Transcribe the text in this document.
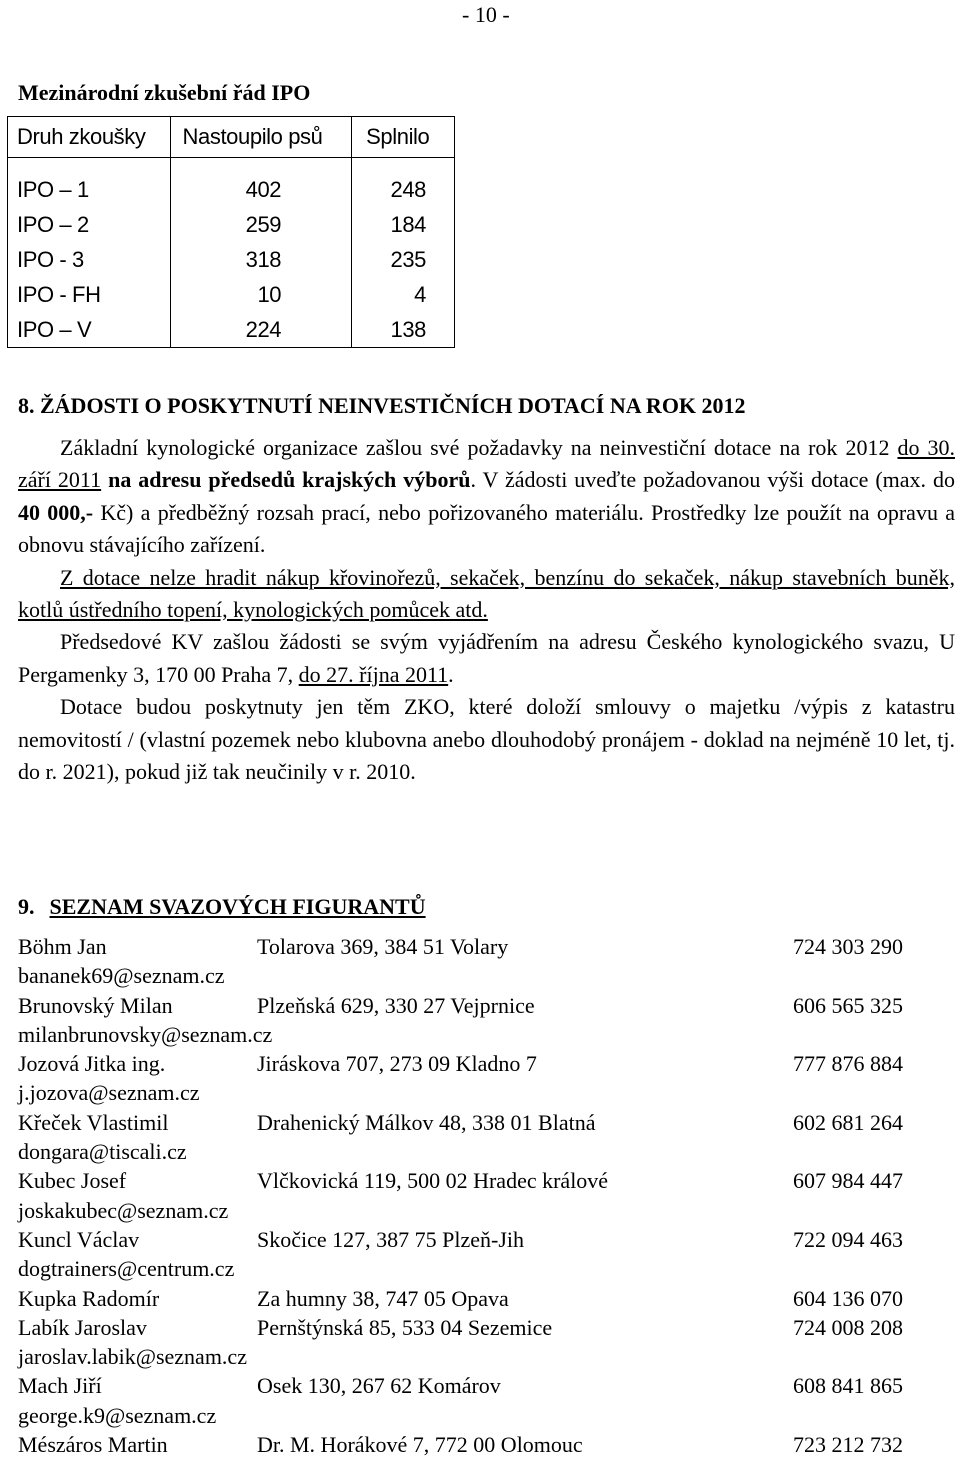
- 10 -
Mezinárodní zkušební řád IPO
Druh zkoušky	Nastoupilo psů	Splnilo
IPO – 1	402	248
IPO – 2	259	184
IPO - 3	318	235
IPO - FH	10	4
IPO – V	224	138
8. ŽÁDOSTI O POSKYTNUTÍ NEINVESTIČNÍCH DOTACÍ NA ROK 2012

Základní kynologické organizace zašlou své požadavky na neinvestiční dotace na rok 2012 do 30. září 2011 na adresu předsedů krajských výborů. V žádosti uveďte požadovanou výši dotace (max. do 40 000,- Kč) a předběžný rozsah prací, nebo pořizovaného materiálu. Prostředky lze použít na opravu a obnovu stávajícího zařízení.

Z dotace nelze hradit nákup křovinořezů, sekaček, benzínu do sekaček, nákup stavebních buněk, kotlů ústředního topení, kynologických pomůcek atd.

Předsedové KV zašlou žádosti se svým vyjádřením na adresu Českého kynologického svazu, U Pergamenky 3, 170 00 Praha 7, do 27. října 2011.

Dotace budou poskytnuty jen těm ZKO, které doloží smlouvy o majetku /výpis z katastru nemovitostí / (vlastní pozemek nebo klubovna anebo dlouhodobý pronájem - doklad na nejméně 10 let, tj. do r. 2021), pokud již tak neučinily v r. 2010.

9. SEZNAM SVAZOVÝCH FIGURANTŮ
Böhm Jan	Tolarova 369, 384 51 Volary	724 303 290
bananek69@seznam.cz
Brunovský Milan	Plzeňská 629, 330 27 Vejprnice	606 565 325
milanbrunovsky@seznam.cz
Jozová Jitka ing.	Jiráskova 707, 273 09 Kladno 7	777 876 884
j.jozova@seznam.cz
Křeček Vlastimil	Drahenický Málkov 48, 338 01 Blatná	602 681 264
dongara@tiscali.cz
Kubec Josef	Vlčkovická 119, 500 02 Hradec králové	607 984 447
joskakubec@seznam.cz
Kuncl Václav	Skočice 127, 387 75 Plzeň-Jih	722 094 463
dogtrainers@centrum.cz
Kupka Radomír	Za humny 38, 747 05 Opava	604 136 070
Labík Jaroslav	Pernštýnská 85, 533 04 Sezemice	724 008 208
jaroslav.labik@seznam.cz
Mach Jiří	Osek 130, 267 62 Komárov	608 841 865
george.k9@seznam.cz
Mészáros Martin	Dr. M. Horákové 7, 772 00 Olomouc	723 212 732
